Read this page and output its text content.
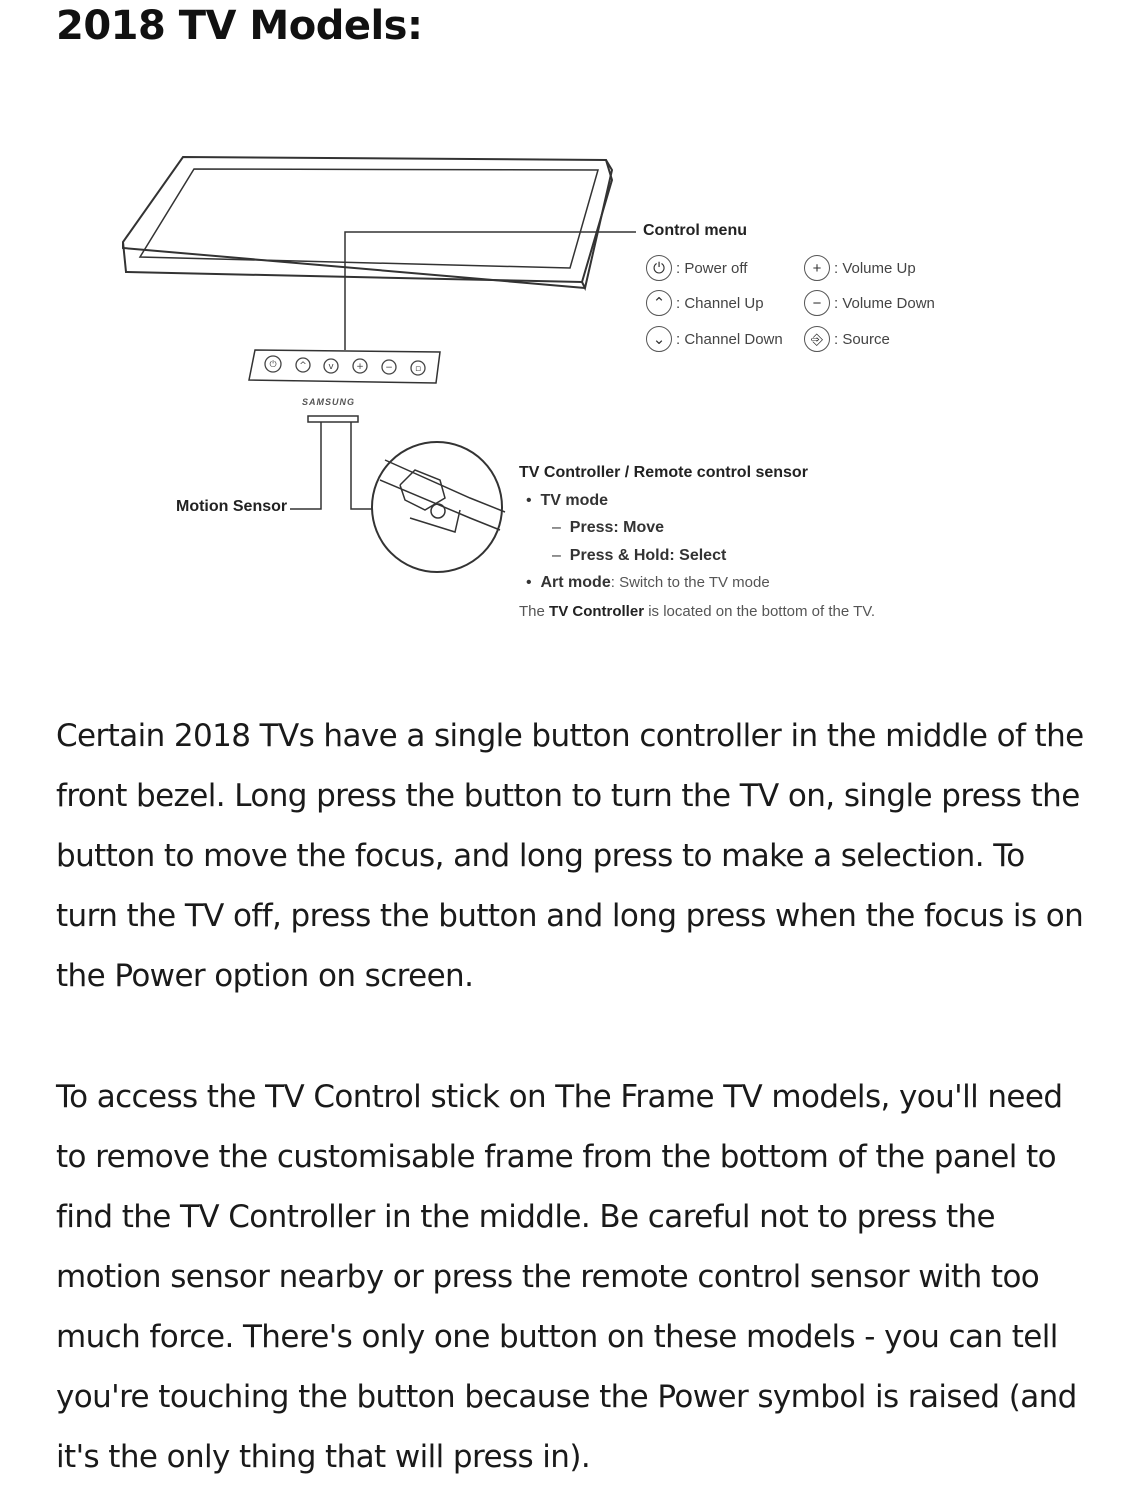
2018 TV Models:
⏻	^ v	+ − ▫
SAMSUNG
Control menu
⏻ : Power off
⌃ : Channel Up
⌄ : Channel Down
+ : Volume Up
− : Volume Down
⎆ : Source
Motion Sensor
TV Controller / Remote control sensor
•  TV mode
–  Press: Move
–  Press & Hold: Select
•  Art mode: Switch to the TV mode
The TV Controller is located on the bottom of the TV.

Certain 2018 TVs have a single button controller in the middle of the front bezel. Long press the button to turn the TV on, single press the button to move the focus, and long press to make a selection. To turn the TV off, press the button and long press when the focus is on the Power option on screen.

To access the TV Control stick on The Frame TV models, you'll need to remove the customisable frame from the bottom of the panel to find the TV Controller in the middle. Be careful not to press the motion sensor nearby or press the remote control sensor with too much force. There's only one button on these models - you can tell you're touching the button because the Power symbol is raised (and it's the only thing that will press in).
